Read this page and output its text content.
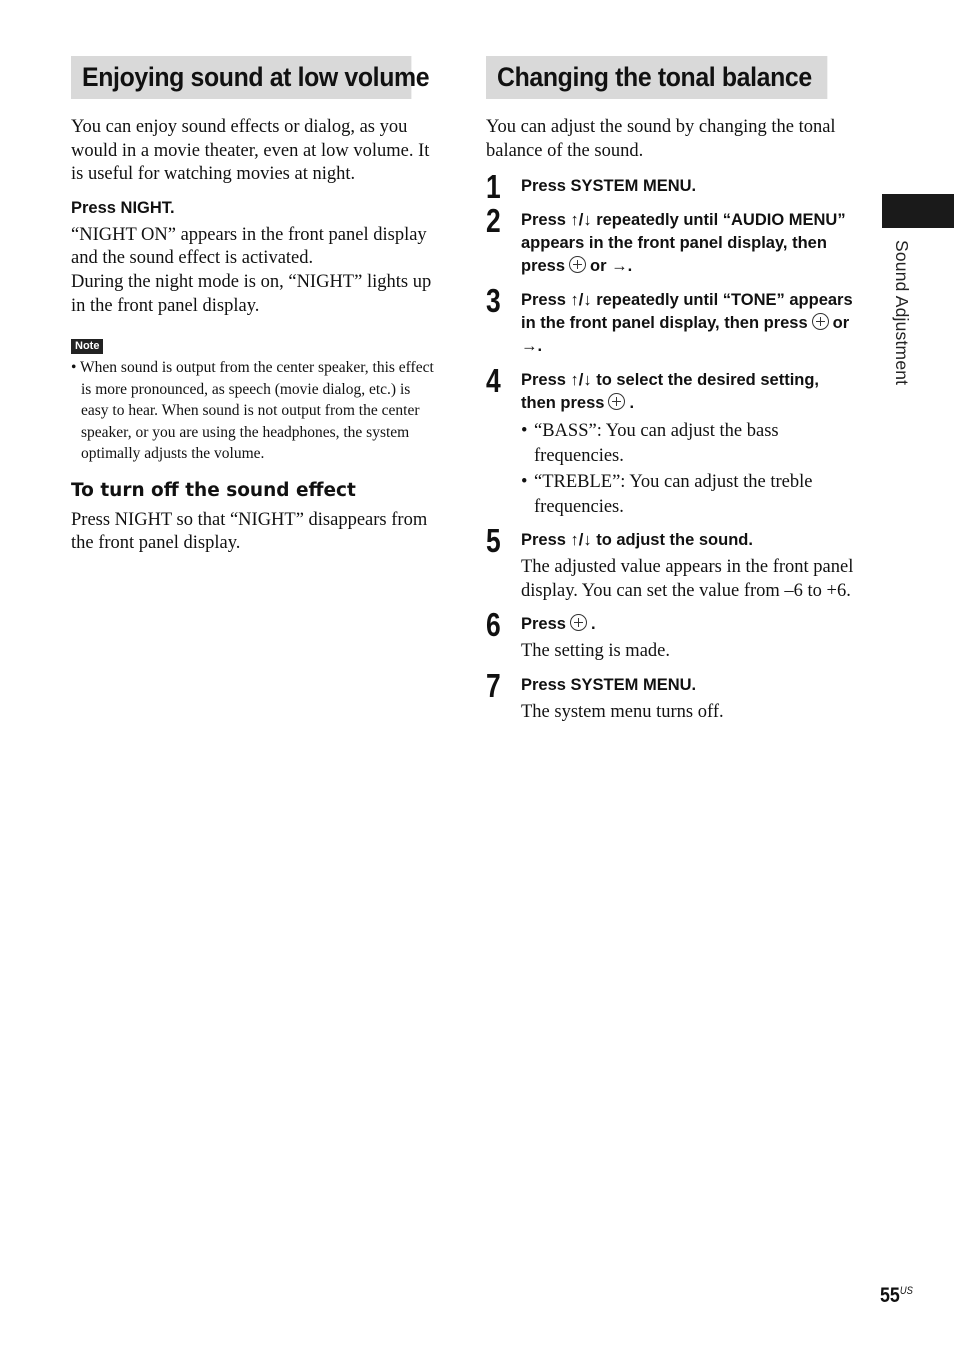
Enjoying sound at low volume

You can enjoy sound effects or dialog, as you would in a movie theater, even at low volume. It is useful for watching movies at night.

Press NIGHT.

“NIGHT ON” appears in the front panel display and the sound effect is activated.

During the night mode is on, “NIGHT” lights up in the front panel display.

Note

• When sound is output from the center speaker, this effect is more pronounced, as speech (movie dialog, etc.) is easy to hear. When sound is not output from the center speaker, or you are using the headphones, the system optimally adjusts the volume.

To turn off the sound effect

Press NIGHT so that “NIGHT” disappears from the front panel display.

Changing the tonal balance

You can adjust the sound by changing the tonal balance of the sound.

1 Press SYSTEM MENU.
2 Press ↑/↓ repeatedly until “AUDIO MENU” appears in the front panel display, then press or →.
3 Press ↑/↓ repeatedly until “TONE” appears in the front panel display, then press or →.
4 Press ↑/↓ to select the desired setting, then press .

• “BASS”: You can adjust the bass frequencies.

• “TREBLE”: You can adjust the treble frequencies.

5 Press ↑/↓ to adjust the sound.

The adjusted value appears in the front panel display. You can set the value from –6 to +6.

6 Press .

The setting is made.

7 Press SYSTEM MENU.

The system menu turns off.

Sound Adjustment
$55^{US}$
